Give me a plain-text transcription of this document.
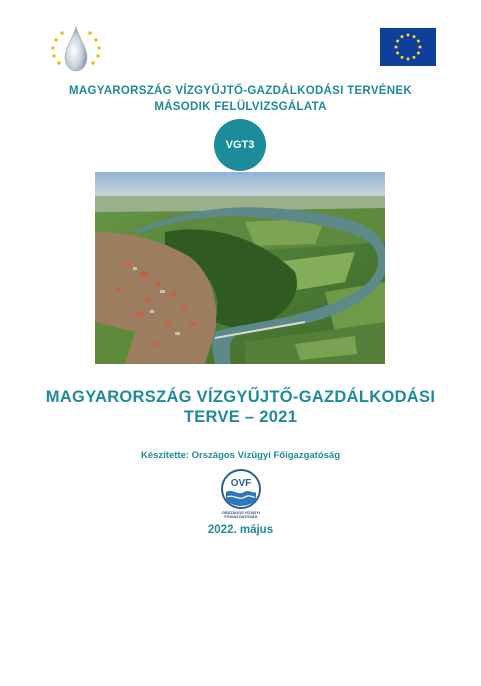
MAGYARORSZÁG VÍZGYŰJTŐ-GAZDÁLKODÁSI TERVÉNEK
MÁSODIK FELÜLVIZSGÁLATA
VGT3
MAGYARORSZÁG VÍZGYŰJTŐ-GAZDÁLKODÁSI
TERVE – 2021
Készítette: Országos Vízügyi Főigazgatóság
OVF
ORSZÁGOS VÍZÜGYI
FŐIGAZGATÓSÁG
2022. május
